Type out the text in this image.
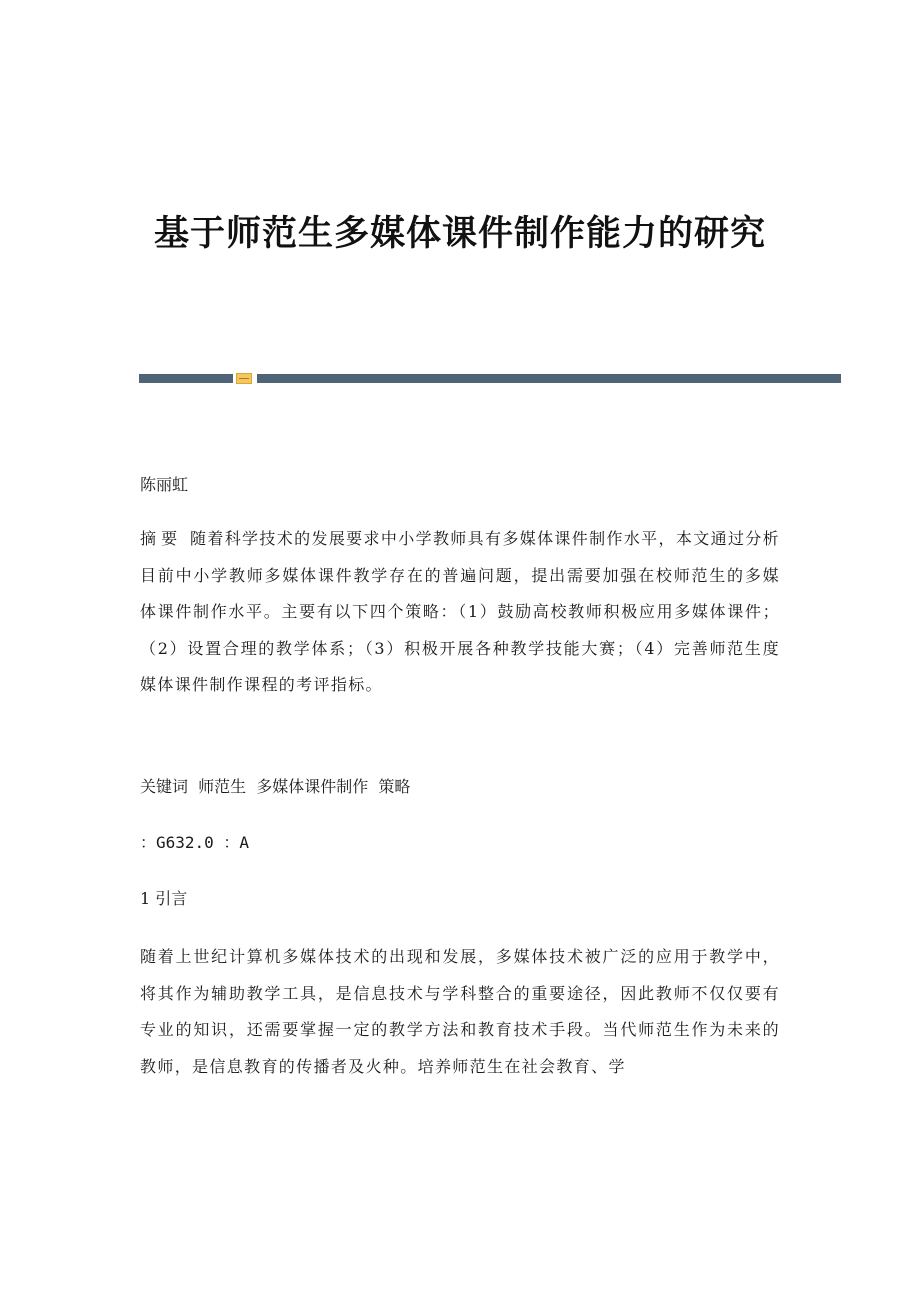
基于师范生多媒体课件制作能力的研究
陈丽虹
摘 要 随着科学技术的发展要求中小学教师具有多媒体课件制作水平，本文通过分析目前中小学教师多媒体课件教学存在的普遍问题，提出需要加强在校师范生的多媒体课件制作水平。主要有以下四个策略：（1）鼓励高校教师积极应用多媒体课件；（2）设置合理的教学体系；（3）积极开展各种教学技能大赛；（4）完善师范生度媒体课件制作课程的考评指标。
关键词 师范生 多媒体课件制作 策略
：G632.0 ：A
1 引言
随着上世纪计算机多媒体技术的出现和发展，多媒体技术被广泛的应用于教学中，将其作为辅助教学工具，是信息技术与学科整合的重要途径，因此教师不仅仅要有专业的知识，还需要掌握一定的教学方法和教育技术手段。当代师范生作为未来的教师，是信息教育的传播者及火种。培养师范生在社会教育、学
